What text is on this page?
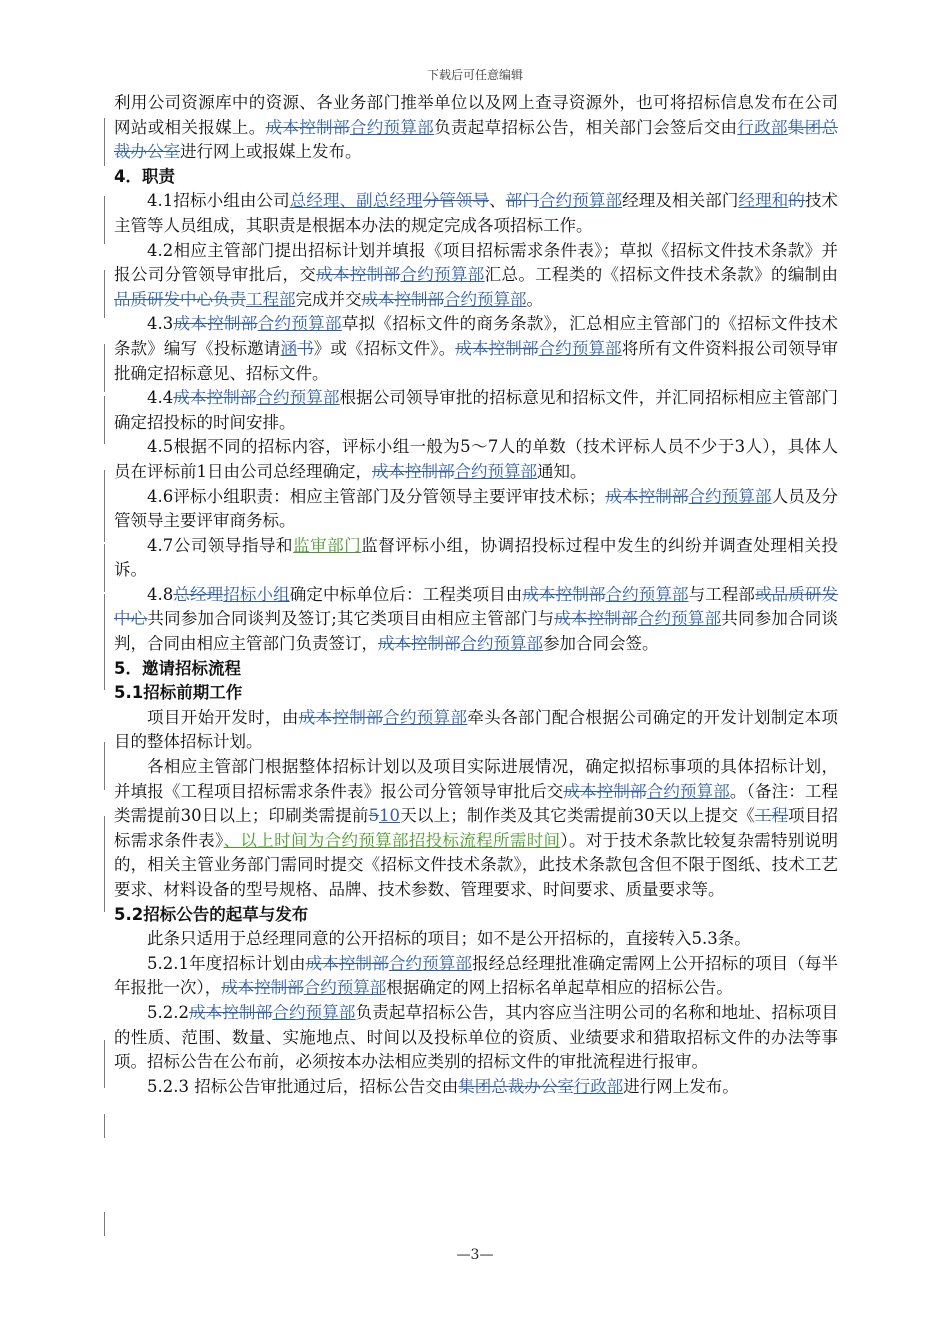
下载后可任意编辑

利用公司资源库中的资源、各业务部门推举单位以及网上查寻资源外，也可将招标信息发布在公司网站或相关报媒上。成本控制部合约预算部负责起草招标公告，相关部门会签后交由行政部集团总裁办公室进行网上或报媒上发布。

4．职责

4.1招标小组由公司总经理、副总经理分管领导、部门合约预算部经理及相关部门经理和的技术主管等人员组成，其职责是根据本办法的规定完成各项招标工作。

4.2相应主管部门提出招标计划并填报《项目招标需求条件表》；草拟《招标文件技术条款》并报公司分管领导审批后，交成本控制部合约预算部汇总。工程类的《招标文件技术条款》的编制由品质研发中心负责工程部完成并交成本控制部合约预算部。

4.3成本控制部合约预算部草拟《招标文件的商务条款》，汇总相应主管部门的《招标文件技术条款》编写《投标邀请涵书》或《招标文件》。成本控制部合约预算部将所有文件资料报公司领导审批确定招标意见、招标文件。

4.4成本控制部合约预算部根据公司领导审批的招标意见和招标文件，并汇同招标相应主管部门确定招投标的时间安排。

4.5根据不同的招标内容，评标小组一般为5～7人的单数（技术评标人员不少于3人），具体人员在评标前1日由公司总经理确定，成本控制部合约预算部通知。

4.6评标小组职责：相应主管部门及分管领导主要评审技术标；成本控制部合约预算部人员及分管领导主要评审商务标。

4.7公司领导指导和监审部门监督评标小组，协调招投标过程中发生的纠纷并调查处理相关投诉。

4.8总经理招标小组确定中标单位后：工程类项目由成本控制部合约预算部与工程部或品质研发中心共同参加合同谈判及签订;其它类项目由相应主管部门与成本控制部合约预算部共同参加合同谈判，合同由相应主管部门负责签订，成本控制部合约预算部参加合同会签。

5．邀请招标流程

5.1招标前期工作

项目开始开发时，由成本控制部合约预算部牵头各部门配合根据公司确定的开发计划制定本项目的整体招标计划。

各相应主管部门根据整体招标计划以及项目实际进展情况，确定拟招标事项的具体招标计划，并填报《工程项目招标需求条件表》报公司分管领导审批后交成本控制部合约预算部。（备注：工程类需提前30日以上；印刷类需提前510天以上；制作类及其它类需提前30天以上提交《工程项目招标需求条件表》、以上时间为合约预算部招投标流程所需时间）。对于技术条款比较复杂需特别说明的，相关主管业务部门需同时提交《招标文件技术条款》，此技术条款包含但不限于图纸、技术工艺要求、材料设备的型号规格、品牌、技术参数、管理要求、时间要求、质量要求等。

5.2招标公告的起草与发布

此条只适用于总经理同意的公开招标的项目；如不是公开招标的，直接转入5.3条。

5.2.1年度招标计划由成本控制部合约预算部报经总经理批准确定需网上公开招标的项目（每半年报批一次），成本控制部合约预算部根据确定的网上招标名单起草相应的招标公告。

5.2.2成本控制部合约预算部负责起草招标公告，其内容应当注明公司的名称和地址、招标项目的性质、范围、数量、实施地点、时间以及投标单位的资质、业绩要求和猎取招标文件的办法等事项。招标公告在公布前，必须按本办法相应类别的招标文件的审批流程进行报审。

5.2.3 招标公告审批通过后，招标公告交由集团总裁办公室行政部进行网上发布。

—3—
